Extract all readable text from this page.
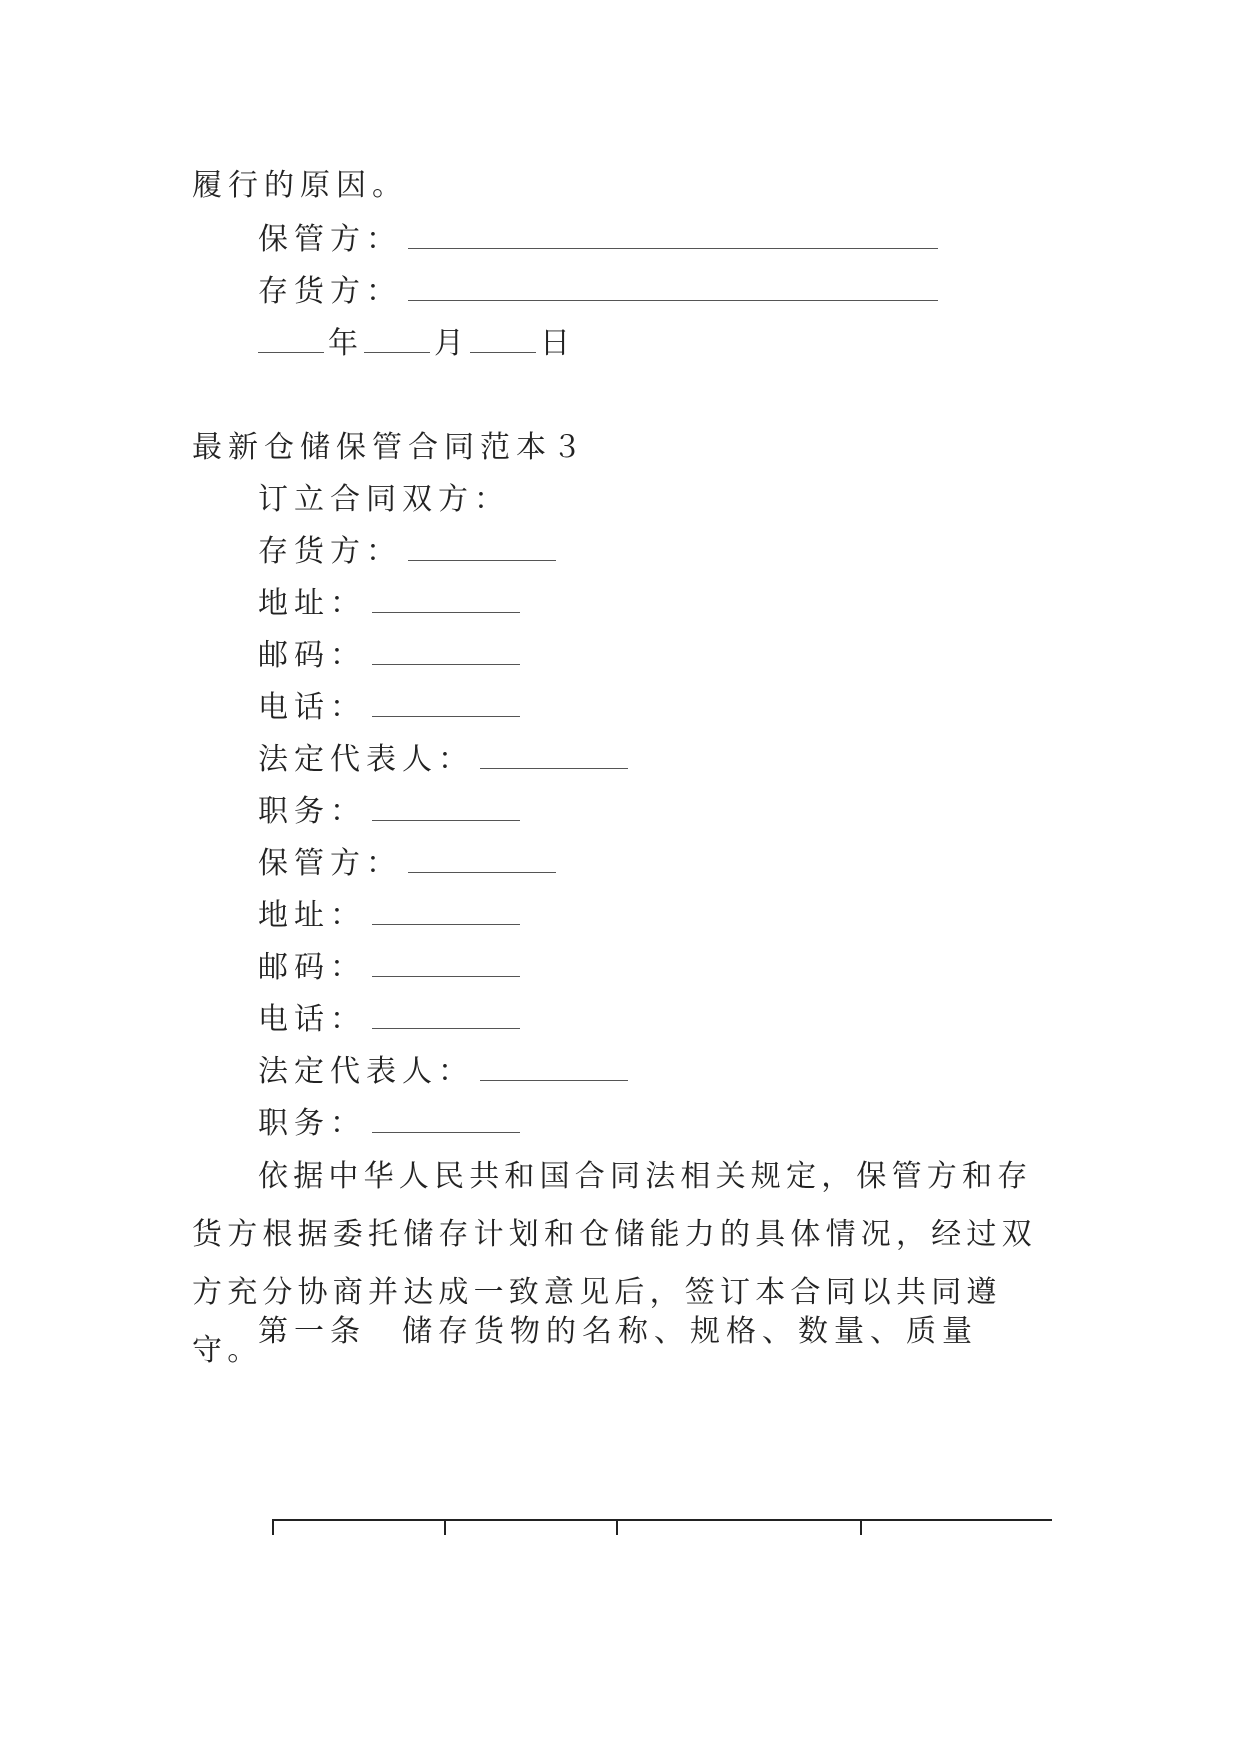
履行的原因。
保管方：
存货方：
年 月 日
最新仓储保管合同范本３
订立合同双方：
存货方：
地址：
邮码：
电话：
法定代表人：
职务：
保管方：
地址：
邮码：
电话：
法定代表人：
职务：
依据中华人民共和国合同法相关规定，保管方和存货方根据委托储存计划和仓储能力的具体情况，经过双方充分协商并达成一致意见后，签订本合同以共同遵守。
第一条　储存货物的名称、规格、数量、质量
